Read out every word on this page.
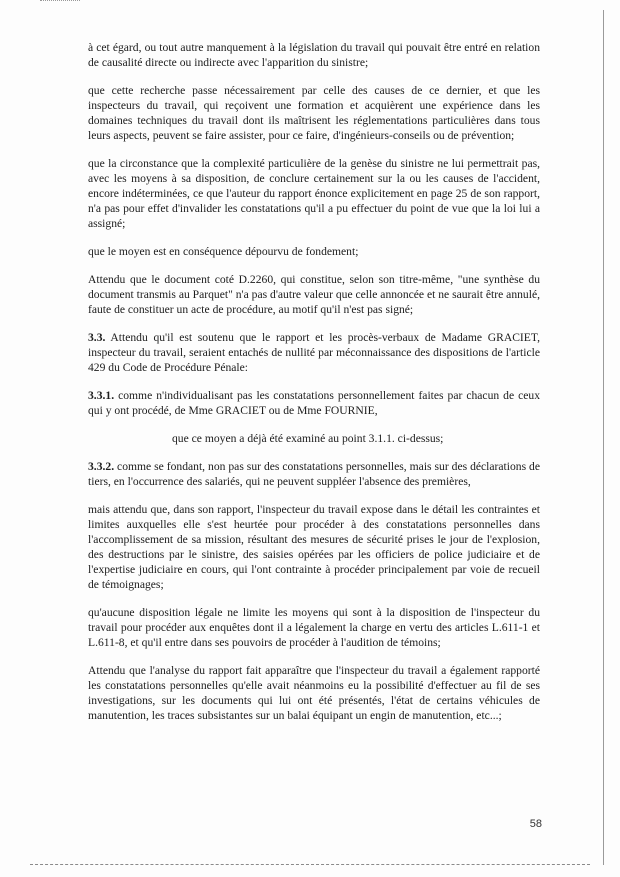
à cet égard, ou tout autre manquement à la législation du travail qui pouvait être entré en relation de causalité directe ou indirecte avec l'apparition du sinistre;

que cette recherche passe nécessairement par celle des causes de ce dernier, et que les inspecteurs du travail, qui reçoivent une formation et acquièrent une expérience dans les domaines techniques du travail dont ils maîtrisent les réglementations particulières dans tous leurs aspects, peuvent se faire assister, pour ce faire, d'ingénieurs-conseils ou de prévention;

que la circonstance que la complexité particulière de la genèse du sinistre ne lui permettrait pas, avec les moyens à sa disposition, de conclure certainement sur la ou les causes de l'accident, encore indéterminées, ce que l'auteur du rapport énonce explicitement en page 25 de son rapport, n'a pas pour effet d'invalider les constatations qu'il a pu effectuer du point de vue que la loi lui a assigné;

que le moyen est en conséquence dépourvu de fondement;

Attendu que le document coté D.2260, qui constitue, selon son titre-même, "une synthèse du document transmis au Parquet" n'a pas d'autre valeur que celle annoncée et ne saurait être annulé, faute de constituer un acte de procédure, au motif qu'il n'est pas signé;

3.3. Attendu qu'il est soutenu que le rapport et les procès-verbaux de Madame GRACIET, inspecteur du travail, seraient entachés de nullité par méconnaissance des dispositions de l'article 429 du Code de Procédure Pénale:

3.3.1. comme n'individualisant pas les constatations personnellement faites par chacun de ceux qui y ont procédé, de Mme GRACIET ou de Mme FOURNIE,

que ce moyen a déjà été examiné au point 3.1.1. ci-dessus;

3.3.2. comme se fondant, non pas sur des constatations personnelles, mais sur des déclarations de tiers, en l'occurrence des salariés, qui ne peuvent suppléer l'absence des premières,

mais attendu que, dans son rapport, l'inspecteur du travail expose dans le détail les contraintes et limites auxquelles elle s'est heurtée pour procéder à des constatations personnelles dans l'accomplissement de sa mission, résultant des mesures de sécurité prises le jour de l'explosion, des destructions par le sinistre, des saisies opérées par les officiers de police judiciaire et de l'expertise judiciaire en cours, qui l'ont contrainte à procéder principalement par voie de recueil de témoignages;

qu'aucune disposition légale ne limite les moyens qui sont à la disposition de l'inspecteur du travail pour procéder aux enquêtes dont il a légalement la charge en vertu des articles L.611-1 et L.611-8, et qu'il entre dans ses pouvoirs de procéder à l'audition de témoins;

Attendu que l'analyse du rapport fait apparaître que l'inspecteur du travail a également rapporté les constatations personnelles qu'elle avait néanmoins eu la possibilité d'effectuer au fil de ses investigations, sur les documents qui lui ont été présentés, l'état de certains véhicules de manutention, les traces subsistantes sur un balai équipant un engin de manutention, etc...;

58
